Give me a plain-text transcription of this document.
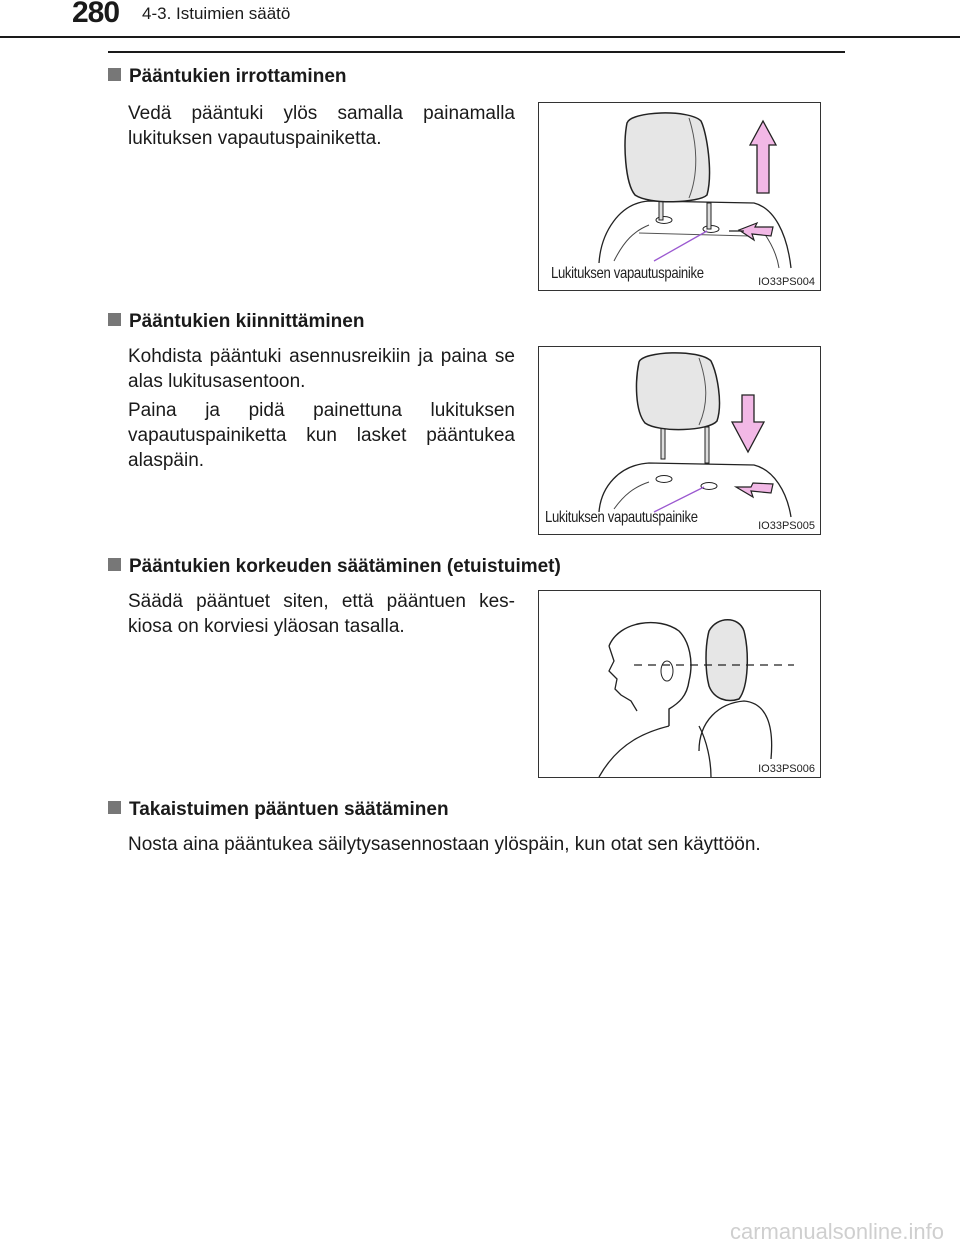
280 4-3. Istuimien säätö
Pääntukien irrottaminen
Vedä pääntuki ylös samalla painamalla lukituksen vapautuspainiketta.
Lukituksen vapautuspainike	IO33PS004
Pääntukien kiinnittäminen
Kohdista pääntuki asennusreikiin ja paina se alas lukitusasentoon.
Paina ja pidä painettuna lukituksen vapautuspainiketta kun lasket pääntukea alaspäin.
Lukituksen vapautuspainike	IO33PS005
Pääntukien korkeuden säätäminen (etuistuimet)
Säädä pääntuet siten, että pääntuen kes-kiosa on korviesi yläosan tasalla.
IO33PS006
Takaistuimen pääntuen säätäminen
Nosta aina pääntukea säilytysasennostaan ylöspäin, kun otat sen käyttöön.
carmanualsonline.info
